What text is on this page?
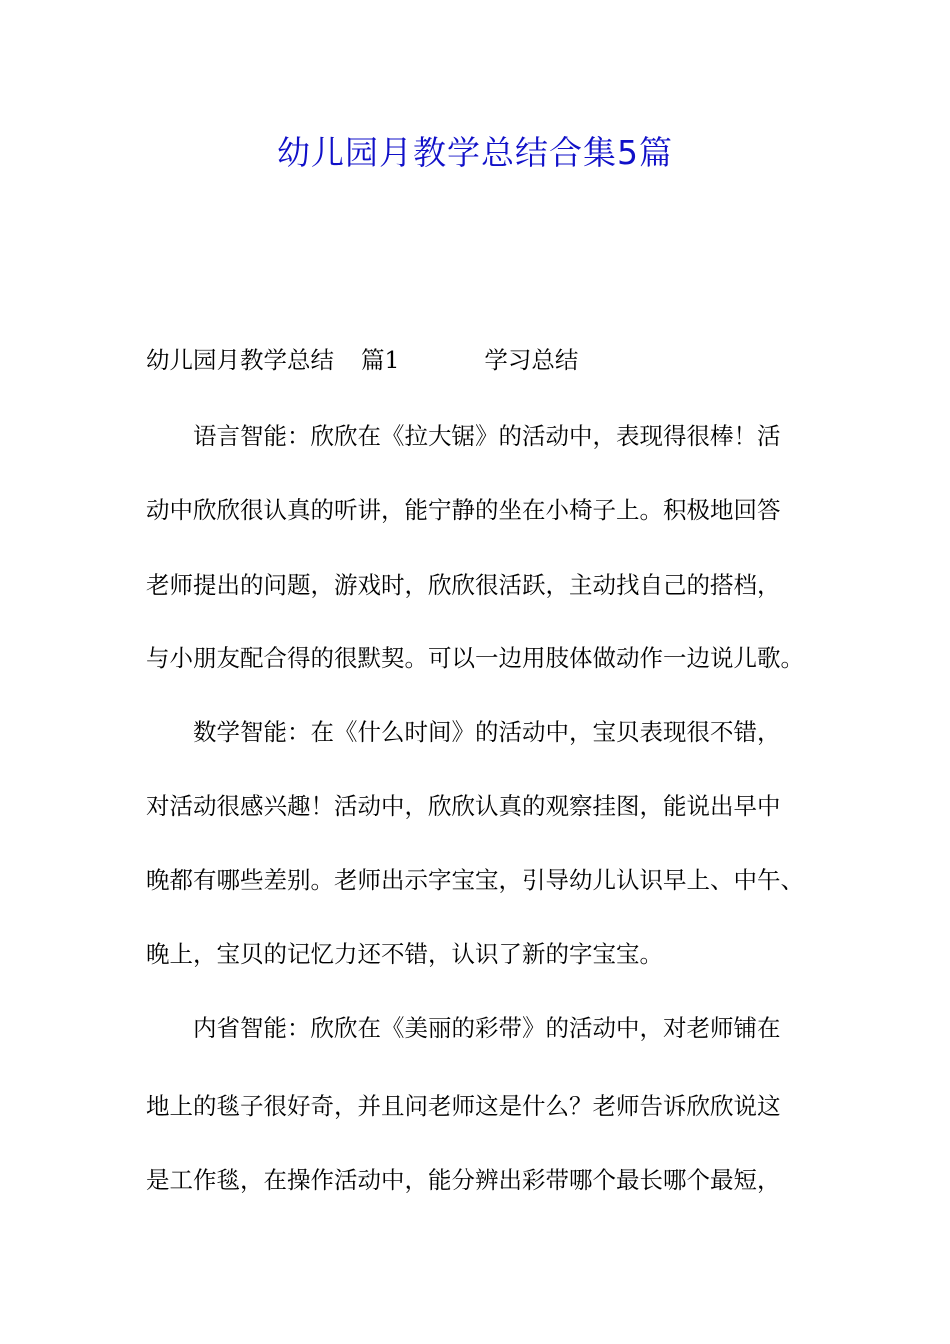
幼儿园月教学总结合集5篇
幼儿园月教学总结 篇1	学习总结
语言智能：欣欣在《拉大锯》的活动中，表现得很棒！活
动中欣欣很认真的听讲，能宁静的坐在小椅子上。积极地回答
老师提出的问题，游戏时，欣欣很活跃，主动找自己的搭档，
与小朋友配合得的很默契。可以一边用肢体做动作一边说儿歌。
数学智能：在《什么时间》的活动中，宝贝表现很不错，
对活动很感兴趣！活动中，欣欣认真的观察挂图，能说出早中
晚都有哪些差别。老师出示字宝宝，引导幼儿认识早上、中午、
晚上，宝贝的记忆力还不错，认识了新的字宝宝。
内省智能：欣欣在《美丽的彩带》的活动中，对老师铺在
地上的毯子很好奇，并且问老师这是什么？老师告诉欣欣说这
是工作毯，在操作活动中，能分辨出彩带哪个最长哪个最短，
